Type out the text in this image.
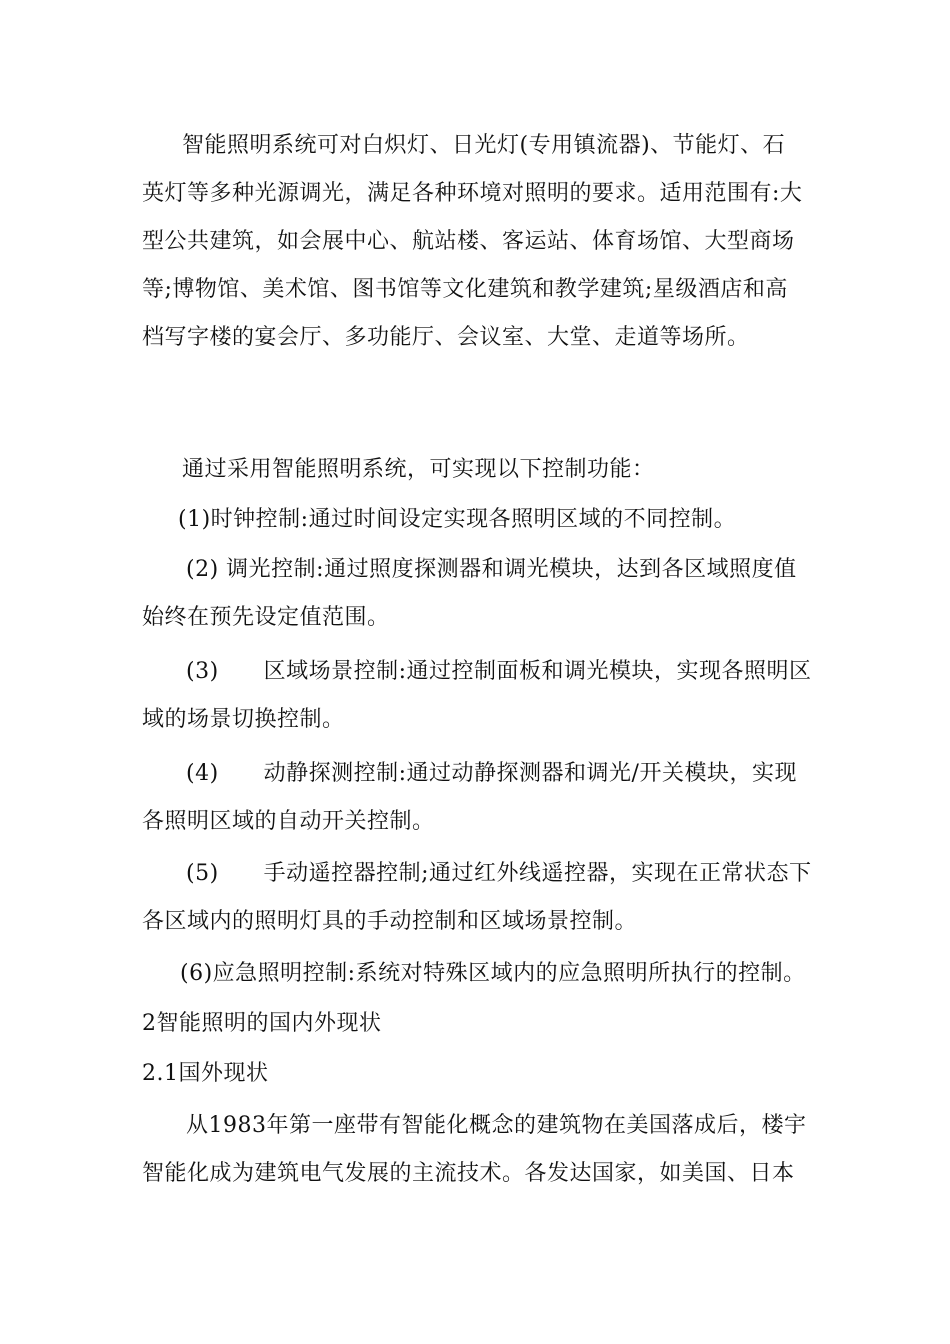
智能照明系统可对白炽灯、日光灯(专用镇流器)、节能灯、石
英灯等多种光源调光，满足各种环境对照明的要求。适用范围有:大
型公共建筑，如会展中心、航站楼、客运站、体育场馆、大型商场
等;博物馆、美术馆、图书馆等文化建筑和教学建筑;星级酒店和高
档写字楼的宴会厅、多功能厅、会议室、大堂、走道等场所。
通过采用智能照明系统，可实现以下控制功能：
(1)时钟控制:通过时间设定实现各照明区域的不同控制。
(2) 调光控制:通过照度探测器和调光模块，达到各区域照度值
始终在预先设定值范围。
(3)      区域场景控制:通过控制面板和调光模块，实现各照明区
域的场景切换控制。
(4)      动静探测控制:通过动静探测器和调光/开关模块，实现
各照明区域的自动开关控制。
(5)      手动遥控器控制;通过红外线遥控器，实现在正常状态下
各区域内的照明灯具的手动控制和区域场景控制。
(6)应急照明控制:系统对特殊区域内的应急照明所执行的控制。
2智能照明的国内外现状
2.1国外现状
从1983年第一座带有智能化概念的建筑物在美国落成后，楼宇
智能化成为建筑电气发展的主流技术。各发达国家，如美国、日本
